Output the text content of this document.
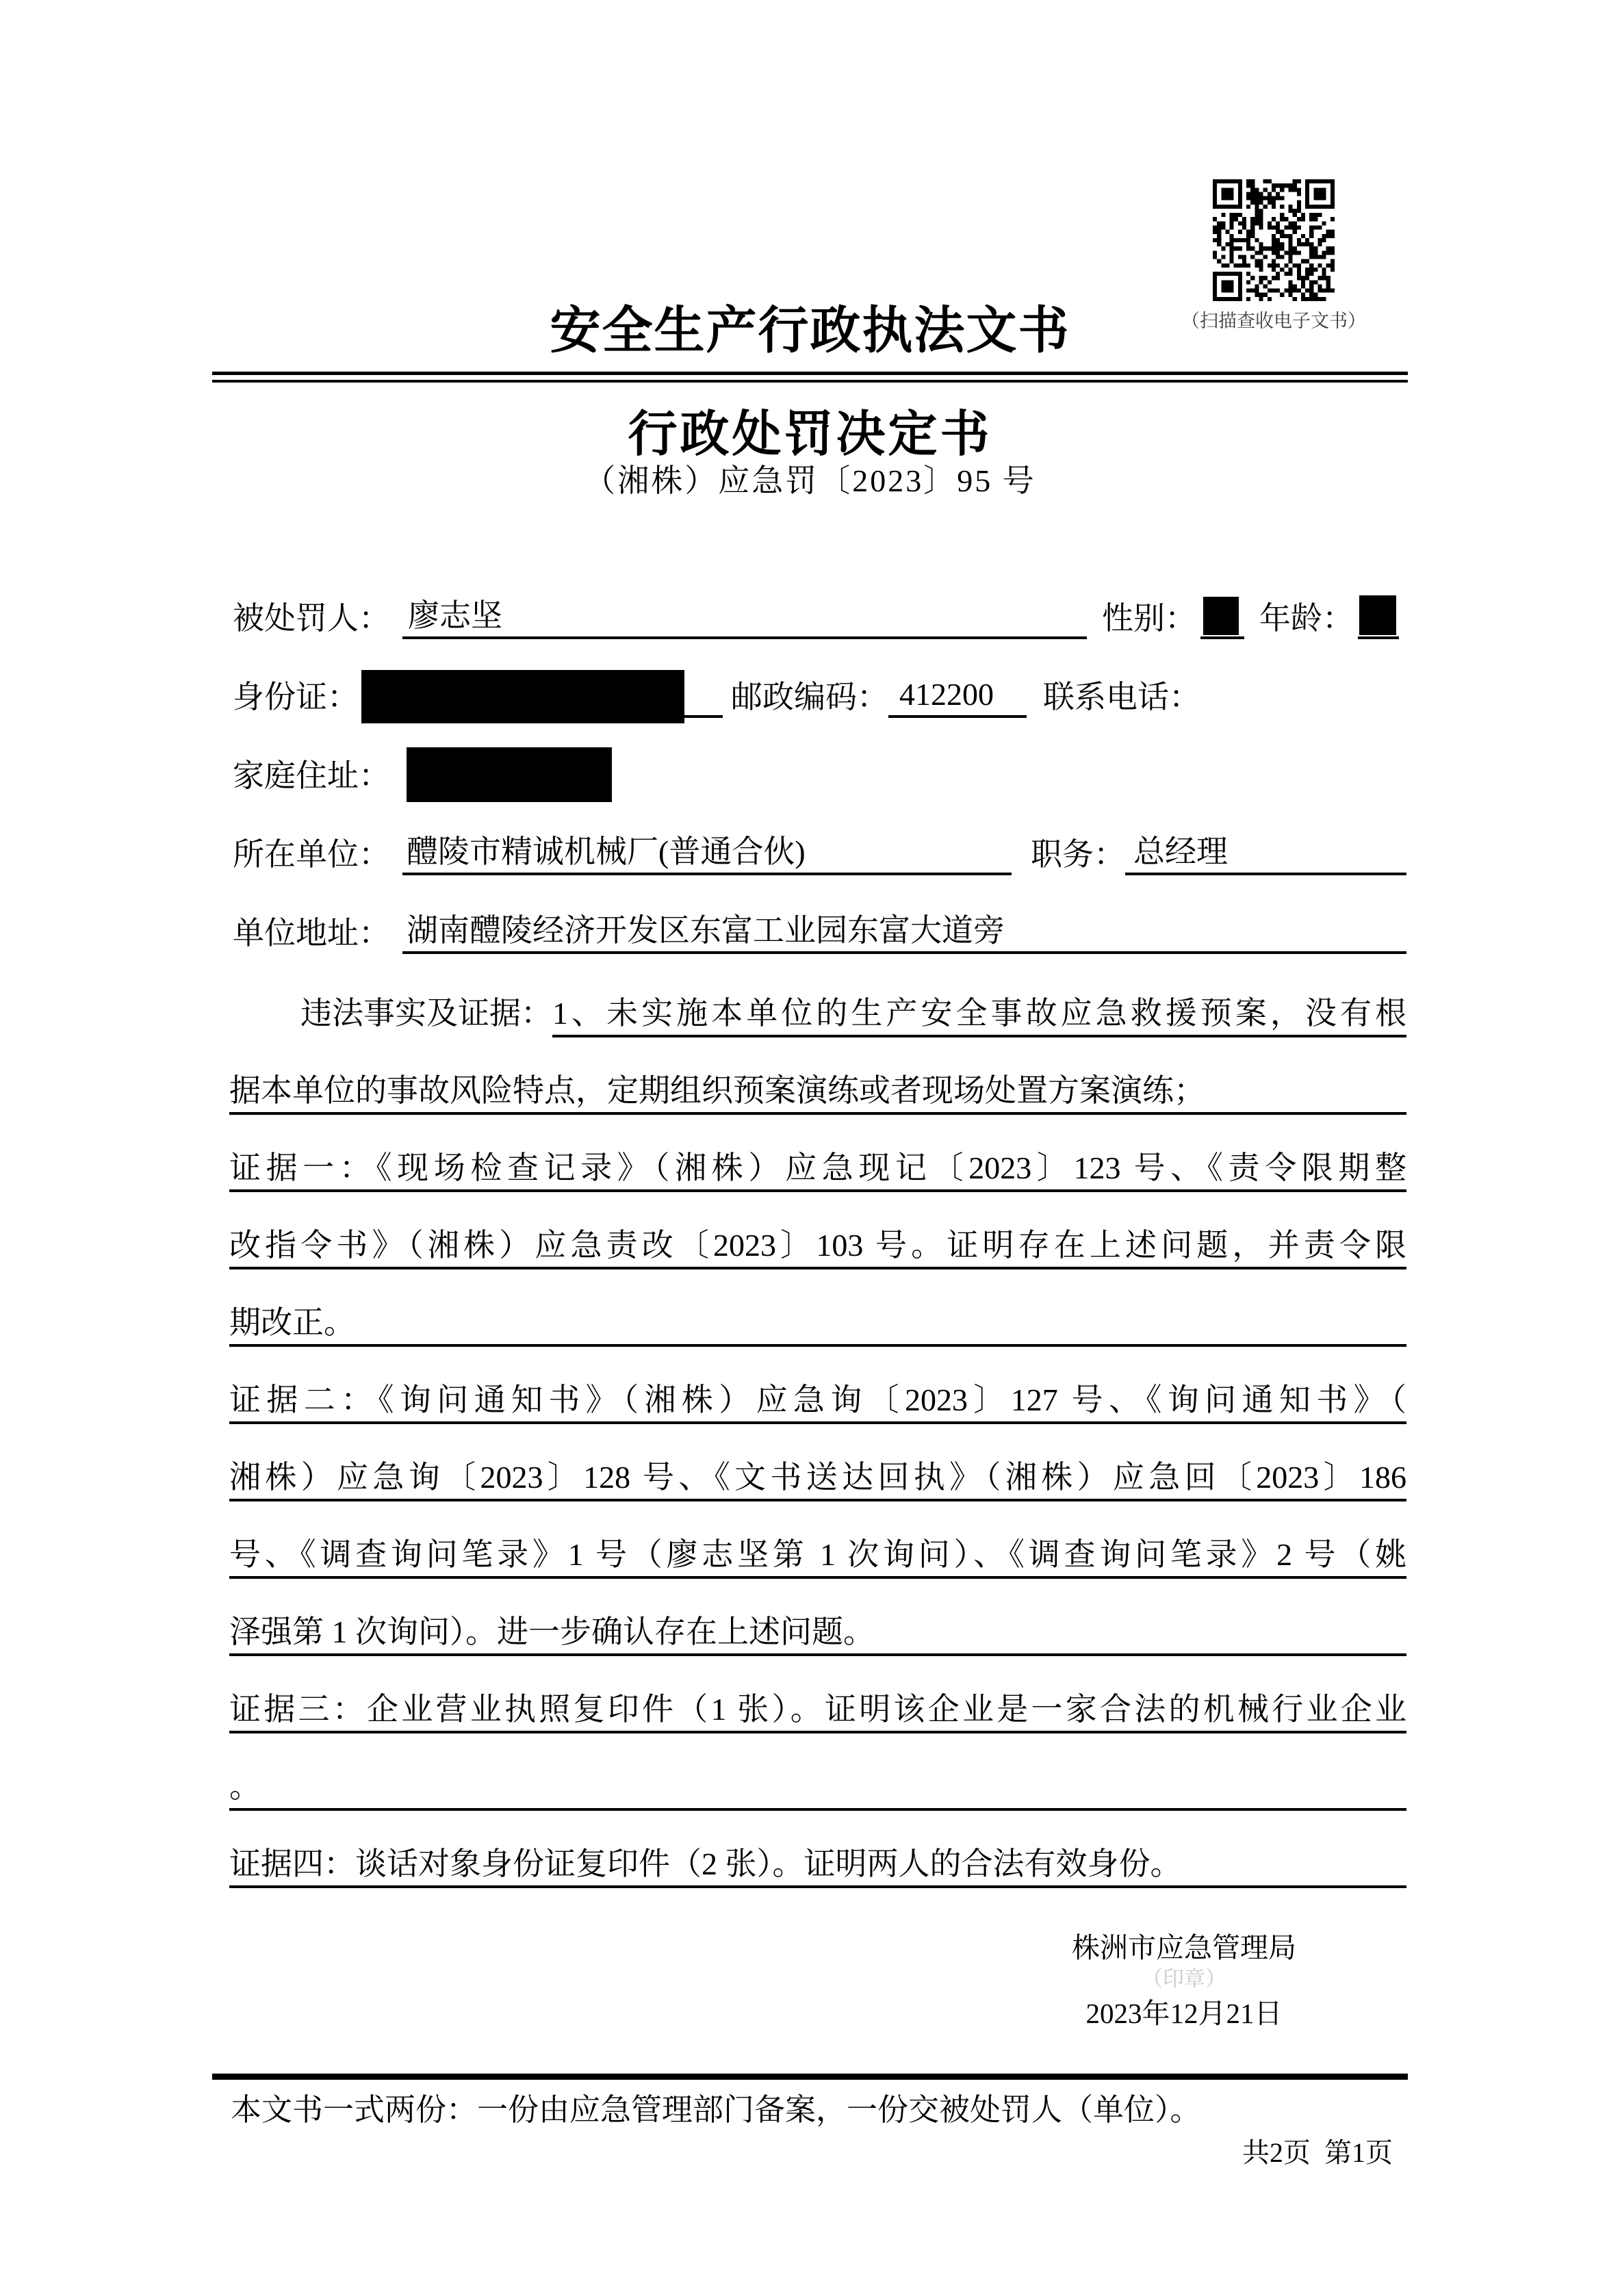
（扫描查收电子文书）
安全生产行政执法文书
行政处罚决定书
（湘株）应急罚〔2023〕95 号
被处罚人： 廖志坚	性别： 年龄：
身份证：	邮政编码： 412200	联系电话：
家庭住址：
所在单位： 醴陵市精诚机械厂(普通合伙)	职务： 总经理
单位地址： 湖南醴陵经济开发区东富工业园东富大道旁
违法事实及证据： 1、未实施本单位的生产安全事故应急救援预案，没有根
据本单位的事故风险特点，定期组织预案演练或者现场处置方案演练；
证据一：《现场检查记录》（湘株）应急现记〔2023〕123 号、《责令限期整
改指令书》（湘株）应急责改〔2023〕103 号。证明存在上述问题，并责令限
期改正。
证据二：《询问通知书》（湘株）应急询〔2023〕127 号、《询问通知书》（
湘株）应急询〔2023〕128 号、《文书送达回执》（湘株）应急回〔2023〕186
号、《调查询问笔录》1 号（廖志坚第 1 次询问）、《调查询问笔录》2 号（姚
泽强第 1 次询问）。进一步确认存在上述问题。
证据三：企业营业执照复印件（1 张）。证明该企业是一家合法的机械行业企业
。
证据四：谈话对象身份证复印件（2 张）。证明两人的合法有效身份。
株洲市应急管理局
（印章）
2023年12月21日
本文书一式两份：一份由应急管理部门备案，一份交被处罚人（单位）。
共2页  第1页
